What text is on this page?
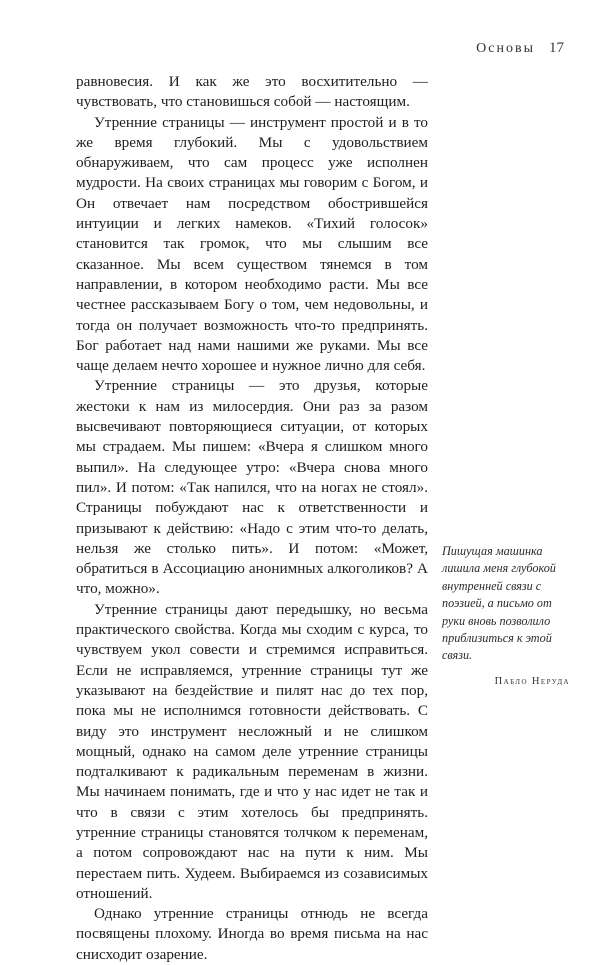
Основы 17

равновесия. И как же это восхитительно — чувствовать, что становишься собой — настоящим.

Утренние страницы — инструмент простой и в то же время глубокий. Мы с удовольствием обнаруживаем, что сам процесс уже исполнен мудрости. На своих страницах мы говорим с Богом, и Он отвечает нам посредством обострившейся интуиции и легких намеков. «Тихий голосок» становится так громок, что мы слышим все сказанное. Мы всем существом тянемся в том направлении, в котором необходимо расти. Мы все честнее рассказываем Богу о том, чем недовольны, и тогда он получает возможность что-то предпринять. Бог работает над нами нашими же руками. Мы все чаще делаем нечто хорошее и нужное лично для себя.

Утренние страницы — это друзья, которые жестоки к нам из милосердия. Они раз за разом высвечивают повторяющиеся ситуации, от которых мы страдаем. Мы пишем: «Вчера я слишком много выпил». На следующее утро: «Вчера снова много пил». И потом: «Так напился, что на ногах не стоял». Страницы побуждают нас к ответственности и призывают к действию: «Надо с этим что-то делать, нельзя же столько пить». И потом: «Может, обратиться в Ассоциацию анонимных алкоголиков? А что, можно».

Утренние страницы дают передышку, но весьма практического свойства. Когда мы сходим с курса, то чувствуем укол совести и стремимся исправиться. Если не исправляемся, утренние страницы тут же указывают на бездействие и пилят нас до тех пор, пока мы не исполнимся готовности действовать. С виду это инструмент несложный и не слишком мощный, однако на самом деле утренние страницы подталкивают к радикальным переменам в жизни. Мы начинаем понимать, где и что у нас идет не так и что в связи с этим хотелось бы предпринять. утренние страницы становятся толчком к переменам, а потом сопровождают нас на пути к ним. Мы перестаем пить. Худеем. Выбираемся из созависимых отношений.

Однако утренние страницы отнюдь не всегда посвящены плохому. Иногда во время письма на нас снисходит озарение.

Пишущая машинка лишила меня глубокой внутренней связи с поэзией, а письмо от руки вновь позволило приблизиться к этой связи.
Пабло Неруда
